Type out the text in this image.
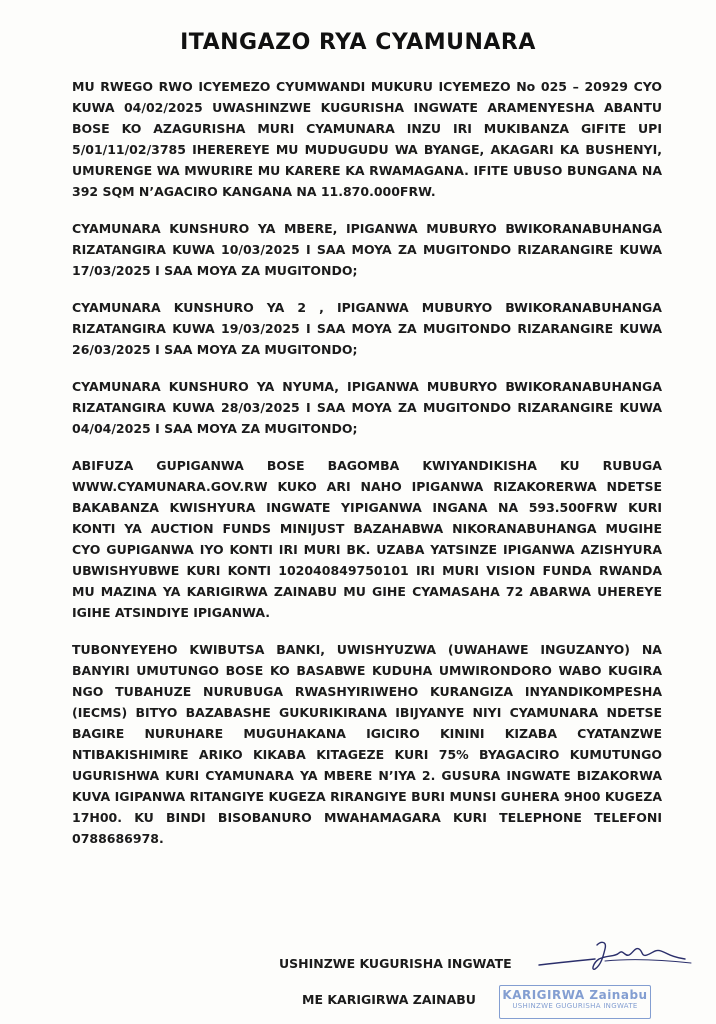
ITANGAZO RYA CYAMUNARA

MU RWEGO RWO ICYEMEZO CYUMWANDI MUKURU ICYEMEZO No 025 – 20929 CYO KUWA 04/02/2025 UWASHINZWE KUGURISHA INGWATE ARAMENYESHA ABANTU BOSE KO AZAGURISHA MURI CYAMUNARA INZU IRI MUKIBANZA GIFITE UPI 5/01/11/02/3785 IHEREREYE MU MUDUGUDU WA BYANGE, AKAGARI KA BUSHENYI, UMURENGE WA MWURIRE MU KARERE KA RWAMAGANA. IFITE UBUSO BUNGANA NA 392 SQM N’AGACIRO KANGANA NA 11.870.000FRW.

CYAMUNARA KUNSHURO YA MBERE, IPIGANWA MUBURYO BWIKORANABUHANGA RIZATANGIRA KUWA 10/03/2025 I SAA MOYA ZA MUGITONDO RIZARANGIRE KUWA 17/03/2025 I SAA MOYA ZA MUGITONDO;

CYAMUNARA KUNSHURO YA 2 , IPIGANWA MUBURYO BWIKORANABUHANGA RIZATANGIRA KUWA 19/03/2025 I SAA MOYA ZA MUGITONDO RIZARANGIRE KUWA 26/03/2025 I SAA MOYA ZA MUGITONDO;

CYAMUNARA KUNSHURO YA NYUMA, IPIGANWA MUBURYO BWIKORANABUHANGA RIZATANGIRA KUWA 28/03/2025 I SAA MOYA ZA MUGITONDO RIZARANGIRE KUWA 04/04/2025 I SAA MOYA ZA MUGITONDO;

ABIFUZA GUPIGANWA BOSE BAGOMBA KWIYANDIKISHA KU RUBUGA WWW.CYAMUNARA.GOV.RW KUKO ARI NAHO IPIGANWA RIZAKORERWA NDETSE BAKABANZA KWISHYURA INGWATE YIPIGANWA INGANA NA 593.500FRW KURI KONTI YA AUCTION FUNDS MINIJUST BAZAHABWA NIKORANABUHANGA MUGIHE CYO GUPIGANWA IYO KONTI IRI MURI BK. UZABA YATSINZE IPIGANWA AZISHYURA UBWISHYUBWE KURI KONTI 102040849750101 IRI MURI VISION FUNDA RWANDA MU MAZINA YA KARIGIRWA ZAINABU MU GIHE CYAMASAHA 72 ABARWA UHEREYE IGIHE ATSINDIYE IPIGANWA.

TUBONYEYEHO KWIBUTSA BANKI, UWISHYUZWA (UWAHAWE INGUZANYO) NA BANYIRI UMUTUNGO BOSE KO BASABWE KUDUHA UMWIRONDORO WABO KUGIRA NGO TUBAHUZE NURUBUGA RWASHYIRIWEHO KURANGIZA INYANDIKOMPESHA (IECMS) BITYO BAZABASHE GUKURIKIRANA IBIJYANYE NIYI CYAMUNARA NDETSE BAGIRE NURUHARE MUGUHAKANA IGICIRO KININI KIZABA CYATANZWE NTIBAKISHIMIRE ARIKO KIKABA KITAGEZE KURI 75% BYAGACIRO KUMUTUNGO UGURISHWA KURI CYAMUNARA YA MBERE N’IYA 2. GUSURA INGWATE BIZAKORWA KUVA IGIPANWA RITANGIYE KUGEZA RIRANGIYE BURI MUNSI GUHERA 9H00 KUGEZA 17H00. KU BINDI BISOBANURO MWAHAMAGARA KURI TELEPHONE TELEFONI 0788686978.

USHINZWE KUGURISHA INGWATE
ME KARIGIRWA ZAINABU KARIGIRWA Zainabu
USHINZWE GUGURISHA INGWATE
